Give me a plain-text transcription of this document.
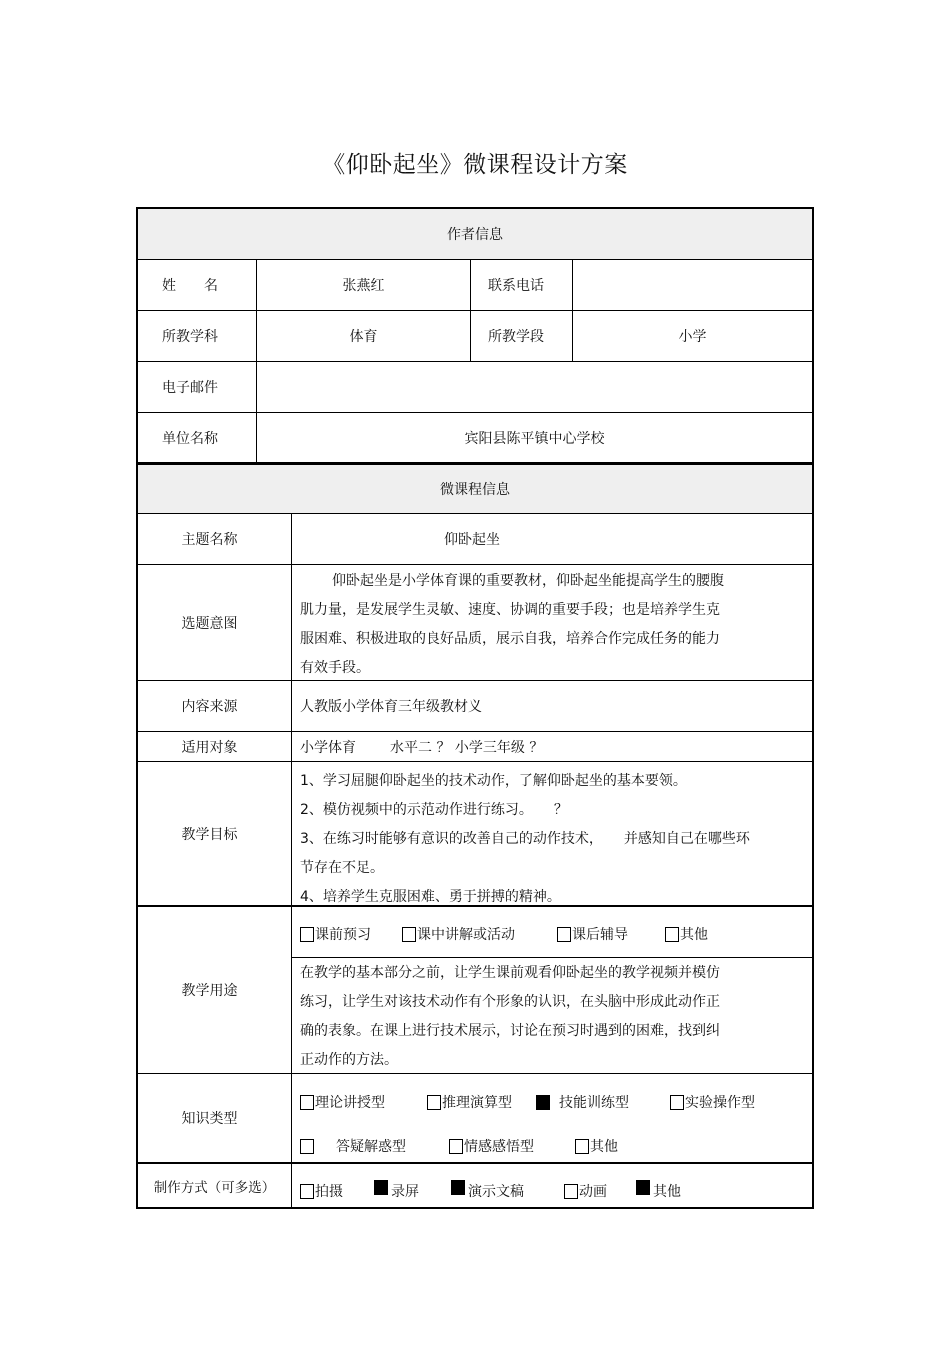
《仰卧起坐》微课程设计方案
作者信息
姓　　名	张燕红	联系电话
所教学科	体育	所教学段	小学
电子邮件
单位名称	宾阳县陈平镇中心学校
微课程信息
主题名称	仰卧起坐
选题意图
仰卧起坐是小学体育课的重要教材，仰卧起坐能提高学生的腰腹
肌力量，是发展学生灵敏、速度、协调的重要手段；也是培养学生克
服困难、积极进取的良好品质，展示自我，培养合作完成任务的能力
有效手段。
内容来源	人教版小学体育三年级教材义
适用对象	小学体育 水平二 ？ 小学三年级 ？
教学目标
1、学习屈腿仰卧起坐的技术动作，了解仰卧起坐的基本要领。
2、模仿视频中的示范动作进行练习。　　？
3、在练习时能够有意识的改善自己的动作技术，　　并感知自己在哪些环
节存在不足。
4、培养学生克服困难、勇于拼搏的精神。
教学用途
课前预习	课中讲解或活动	课后辅导	其他
在教学的基本部分之前，让学生课前观看仰卧起坐的教学视频并模仿
练习，让学生对该技术动作有个形象的认识，在头脑中形成此动作正
确的表象。在课上进行技术展示，讨论在预习时遇到的困难，找到纠
正动作的方法。
知识类型
理论讲授型	推理演算型	技能训练型	实验操作型
答疑解惑型	情感感悟型	其他
制作方式（可多选）	拍摄	录屏	演示文稿	动画	其他
